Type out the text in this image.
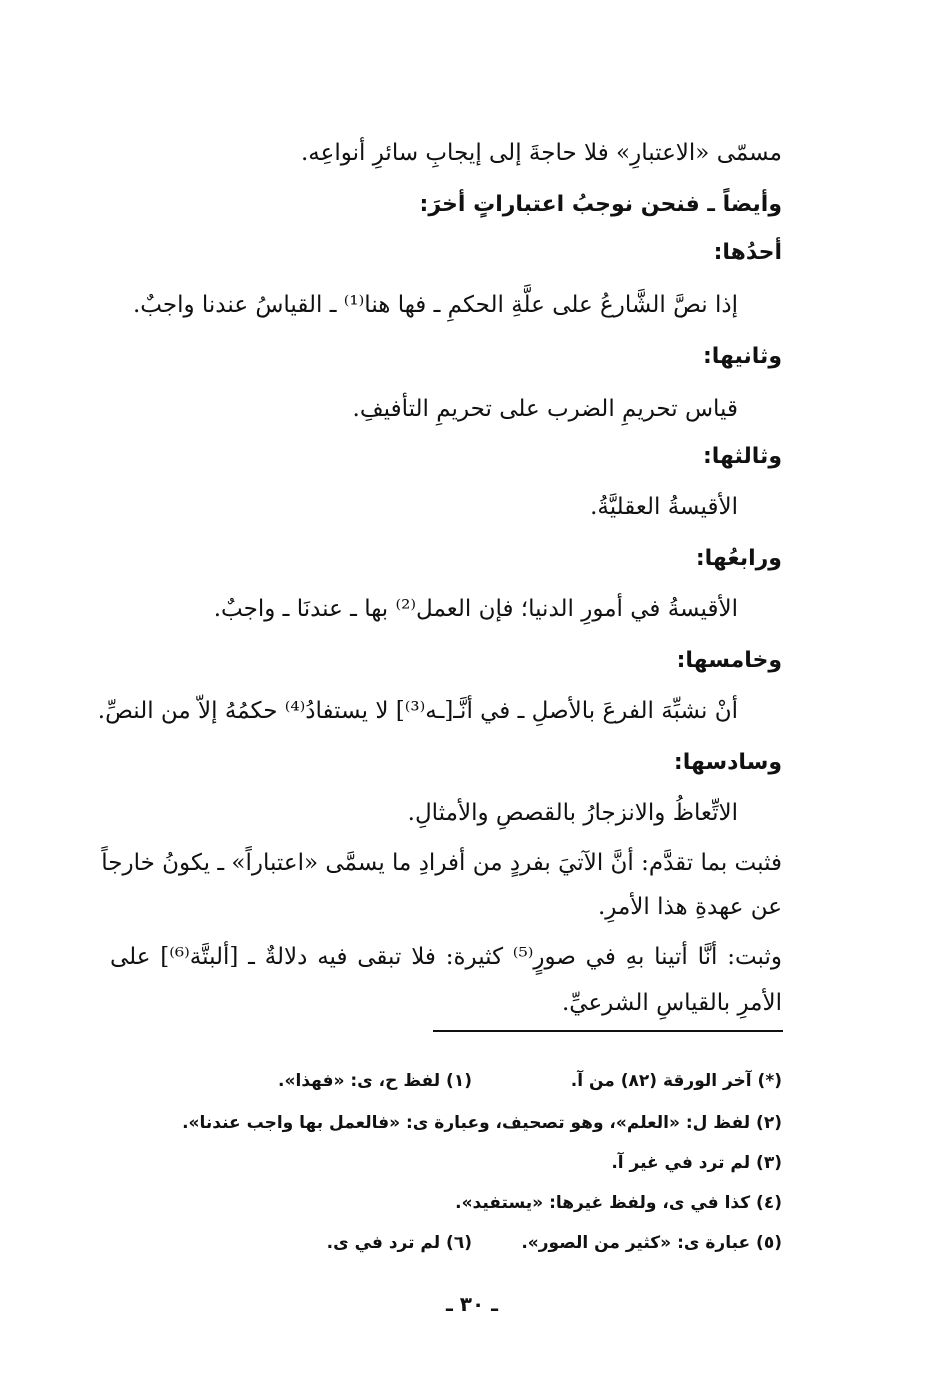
مسمّى «الاعتبارِ» فلا حاجةَ إلى إيجابِ سائرِ أنواعِه.
وأيضاً ـ فنحن نوجبُ اعتباراتٍ أخرَ:
أحدُها:
إذا نصَّ الشَّارعُ على علَّةِ الحكمِ ـ فها هنا⁽¹⁾ ـ القياسُ عندنا واجبٌ.
وثانيها:
قياس تحريمِ الضرب على تحريمِ التأفيفِ.
وثالثها:
الأقيسةُ العقليَّةُ.
ورابعُها:
الأقيسةُ في أمورِ الدنيا؛ فإن العمل⁽²⁾ بها ـ عندنَا ـ واجبٌ.
وخامسها:
أنْ نشبِّهَ الفرعَ بالأصلِ ـ في أنَّـ[ـه⁽³⁾] لا يستفادُ⁽⁴⁾ حكمُهُ إلاّ من النصِّ.
وسادسها:
الاتِّعاظُ والانزجارُ بالقصصِ والأمثالِ.
فثبت بما تقدَّم: أنَّ الآتيَ بفردٍ من أفرادِ ما يسمَّى «اعتباراً» ـ يكونُ خارجاً
عن عهدةِ هذا الأمرِ.
وثبت: أنَّا أتينا بهِ في صورٍ⁽⁵⁾ كثيرة: فلا تبقى فيه دلالةٌ ـ [ألبتَّة⁽⁶⁾] على
الأمرِ بالقياسِ الشرعيِّ.
(*) آخر الورقة (٨٢) من آ.
(١) لفظ ح، ى: «فهذا».
(٢) لفظ ل: «العلم»، وهو تصحيف، وعبارة ى: «فالعمل بها واجب عندنا».
(٣) لم ترد في غير آ.
(٤) كذا في ى، ولفظ غيرها: «يستفيد».
(٥) عبارة ى: «كثير من الصور».
(٦) لم ترد في ى.
ـ ٣٠ ـ
